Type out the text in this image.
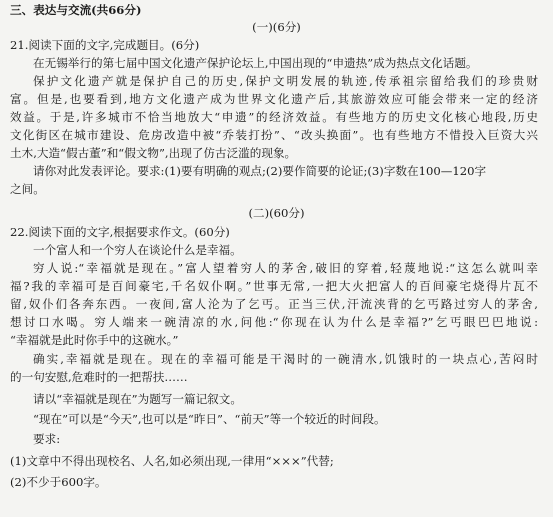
三、表达与交流(共66分)
(一)(6分)
21.阅读下面的文字,完成题目。(6分)
在无锡举行的第七届中国文化遗产保护论坛上,中国出现的“申遗热”成为热点文化话题。
保护文化遗产就是保护自己的历史,保护文明发展的轨迹,传承祖宗留给我们的珍贵财
富。但是,也要看到,地方文化遗产成为世界文化遗产后,其旅游效应可能会带来一定的经济
效益。于是,许多城市不恰当地放大“申遗”的经济效益。有些地方的历史文化核心地段,历史
文化街区在城市建设、危房改造中被“乔装打扮”、“改头换面”。也有些地方不惜投入巨资大兴
土木,大造“假古董”和“假文物”,出现了仿古泛滥的现象。
请你对此发表评论。要求:(1)要有明确的观点;(2)要作简要的论证;(3)字数在100—120字
之间。
(二)(60分)
22.阅读下面的文字,根据要求作文。(60分)
一个富人和一个穷人在谈论什么是幸福。
穷人说:“幸福就是现在。”富人望着穷人的茅舍,破旧的穿着,轻蔑地说:“这怎么就叫幸
福?我的幸福可是百间豪宅,千名奴仆啊。”世事无常,一把大火把富人的百间豪宅烧得片瓦不
留,奴仆们各奔东西。一夜间,富人沦为了乞丐。正当三伏,汗流浃背的乞丐路过穷人的茅舍,
想讨口水喝。穷人端来一碗清凉的水,问他:“你现在认为什么是幸福?”乞丐眼巴巴地说:
“幸福就是此时你手中的这碗水。”
确实,幸福就是现在。现在的幸福可能是干渴时的一碗清水,饥饿时的一块点心,苦闷时
的一句安慰,危难时的一把帮扶……
请以“幸福就是现在”为题写一篇记叙文。
“现在”可以是“今天”,也可以是“昨日”、“前天”等一个较近的时间段。
要求:
(1)文章中不得出现校名、人名,如必须出现,一律用“×××”代替;
(2)不少于600字。
